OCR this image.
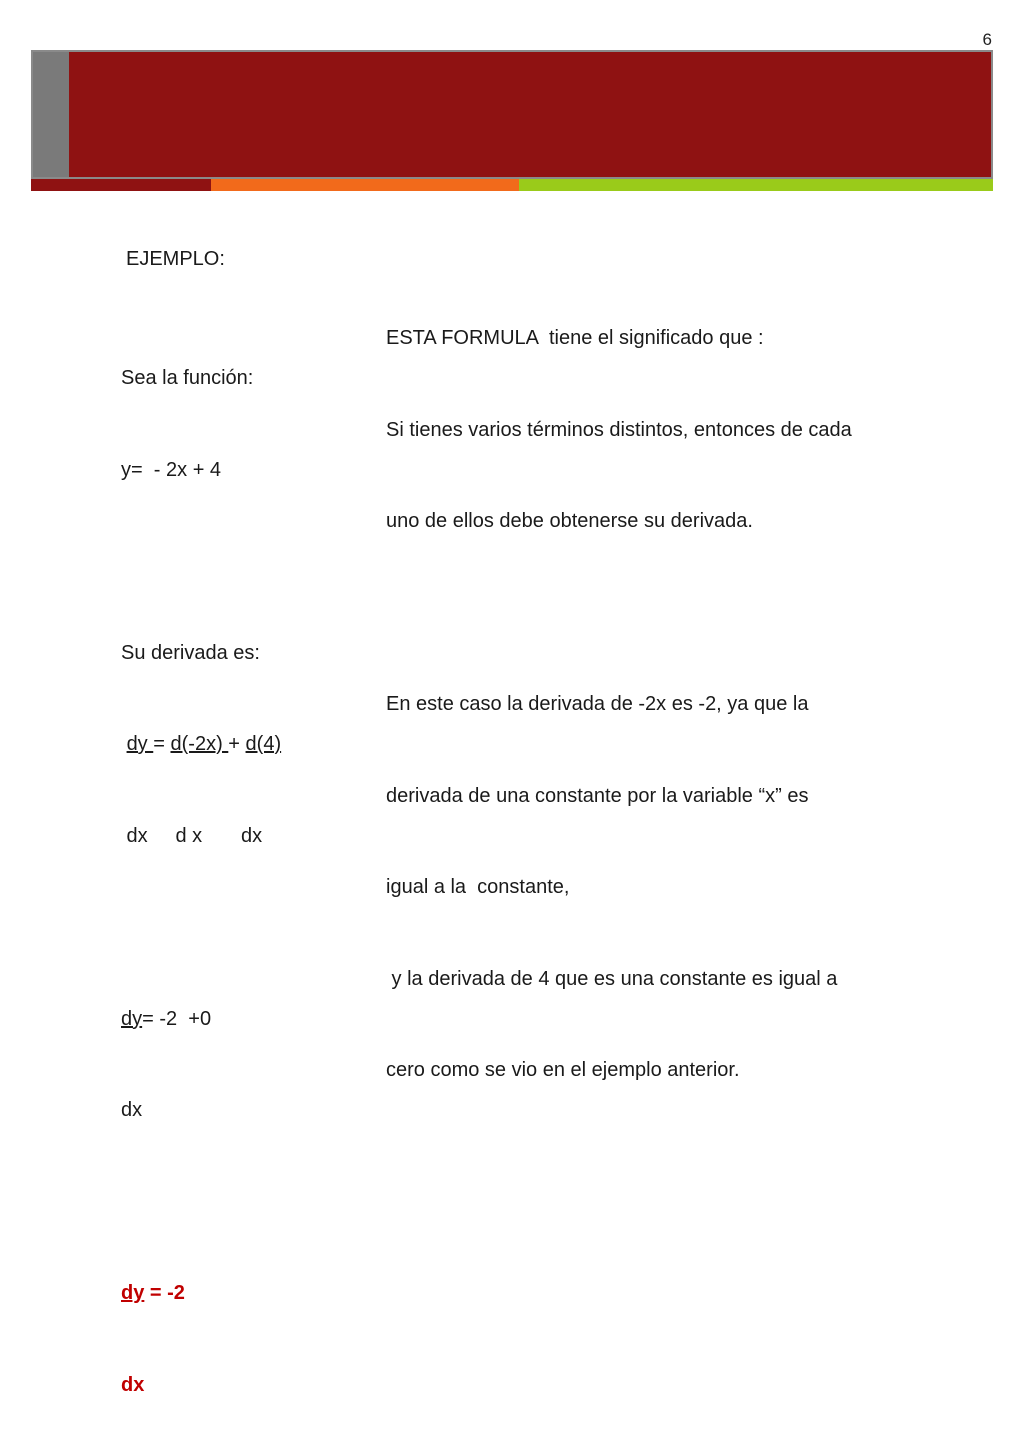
6
EJEMPLO:

Sea la función:

y=  - 2x + 4

Su derivada es:

dy = d(-2x) + d(4)

dx     d x       dx

dy= -2  +0

dx

dy = -2

dx

ESTA FORMULA  tiene el significado que :

Si tienes varios términos distintos, entonces de cada

uno de ellos debe obtenerse su derivada.

En este caso la derivada de -2x es -2, ya que la

derivada de una constante por la variable “x” es

igual a la  constante,

y la derivada de 4 que es una constante es igual a

cero como se vio en el ejemplo anterior.
